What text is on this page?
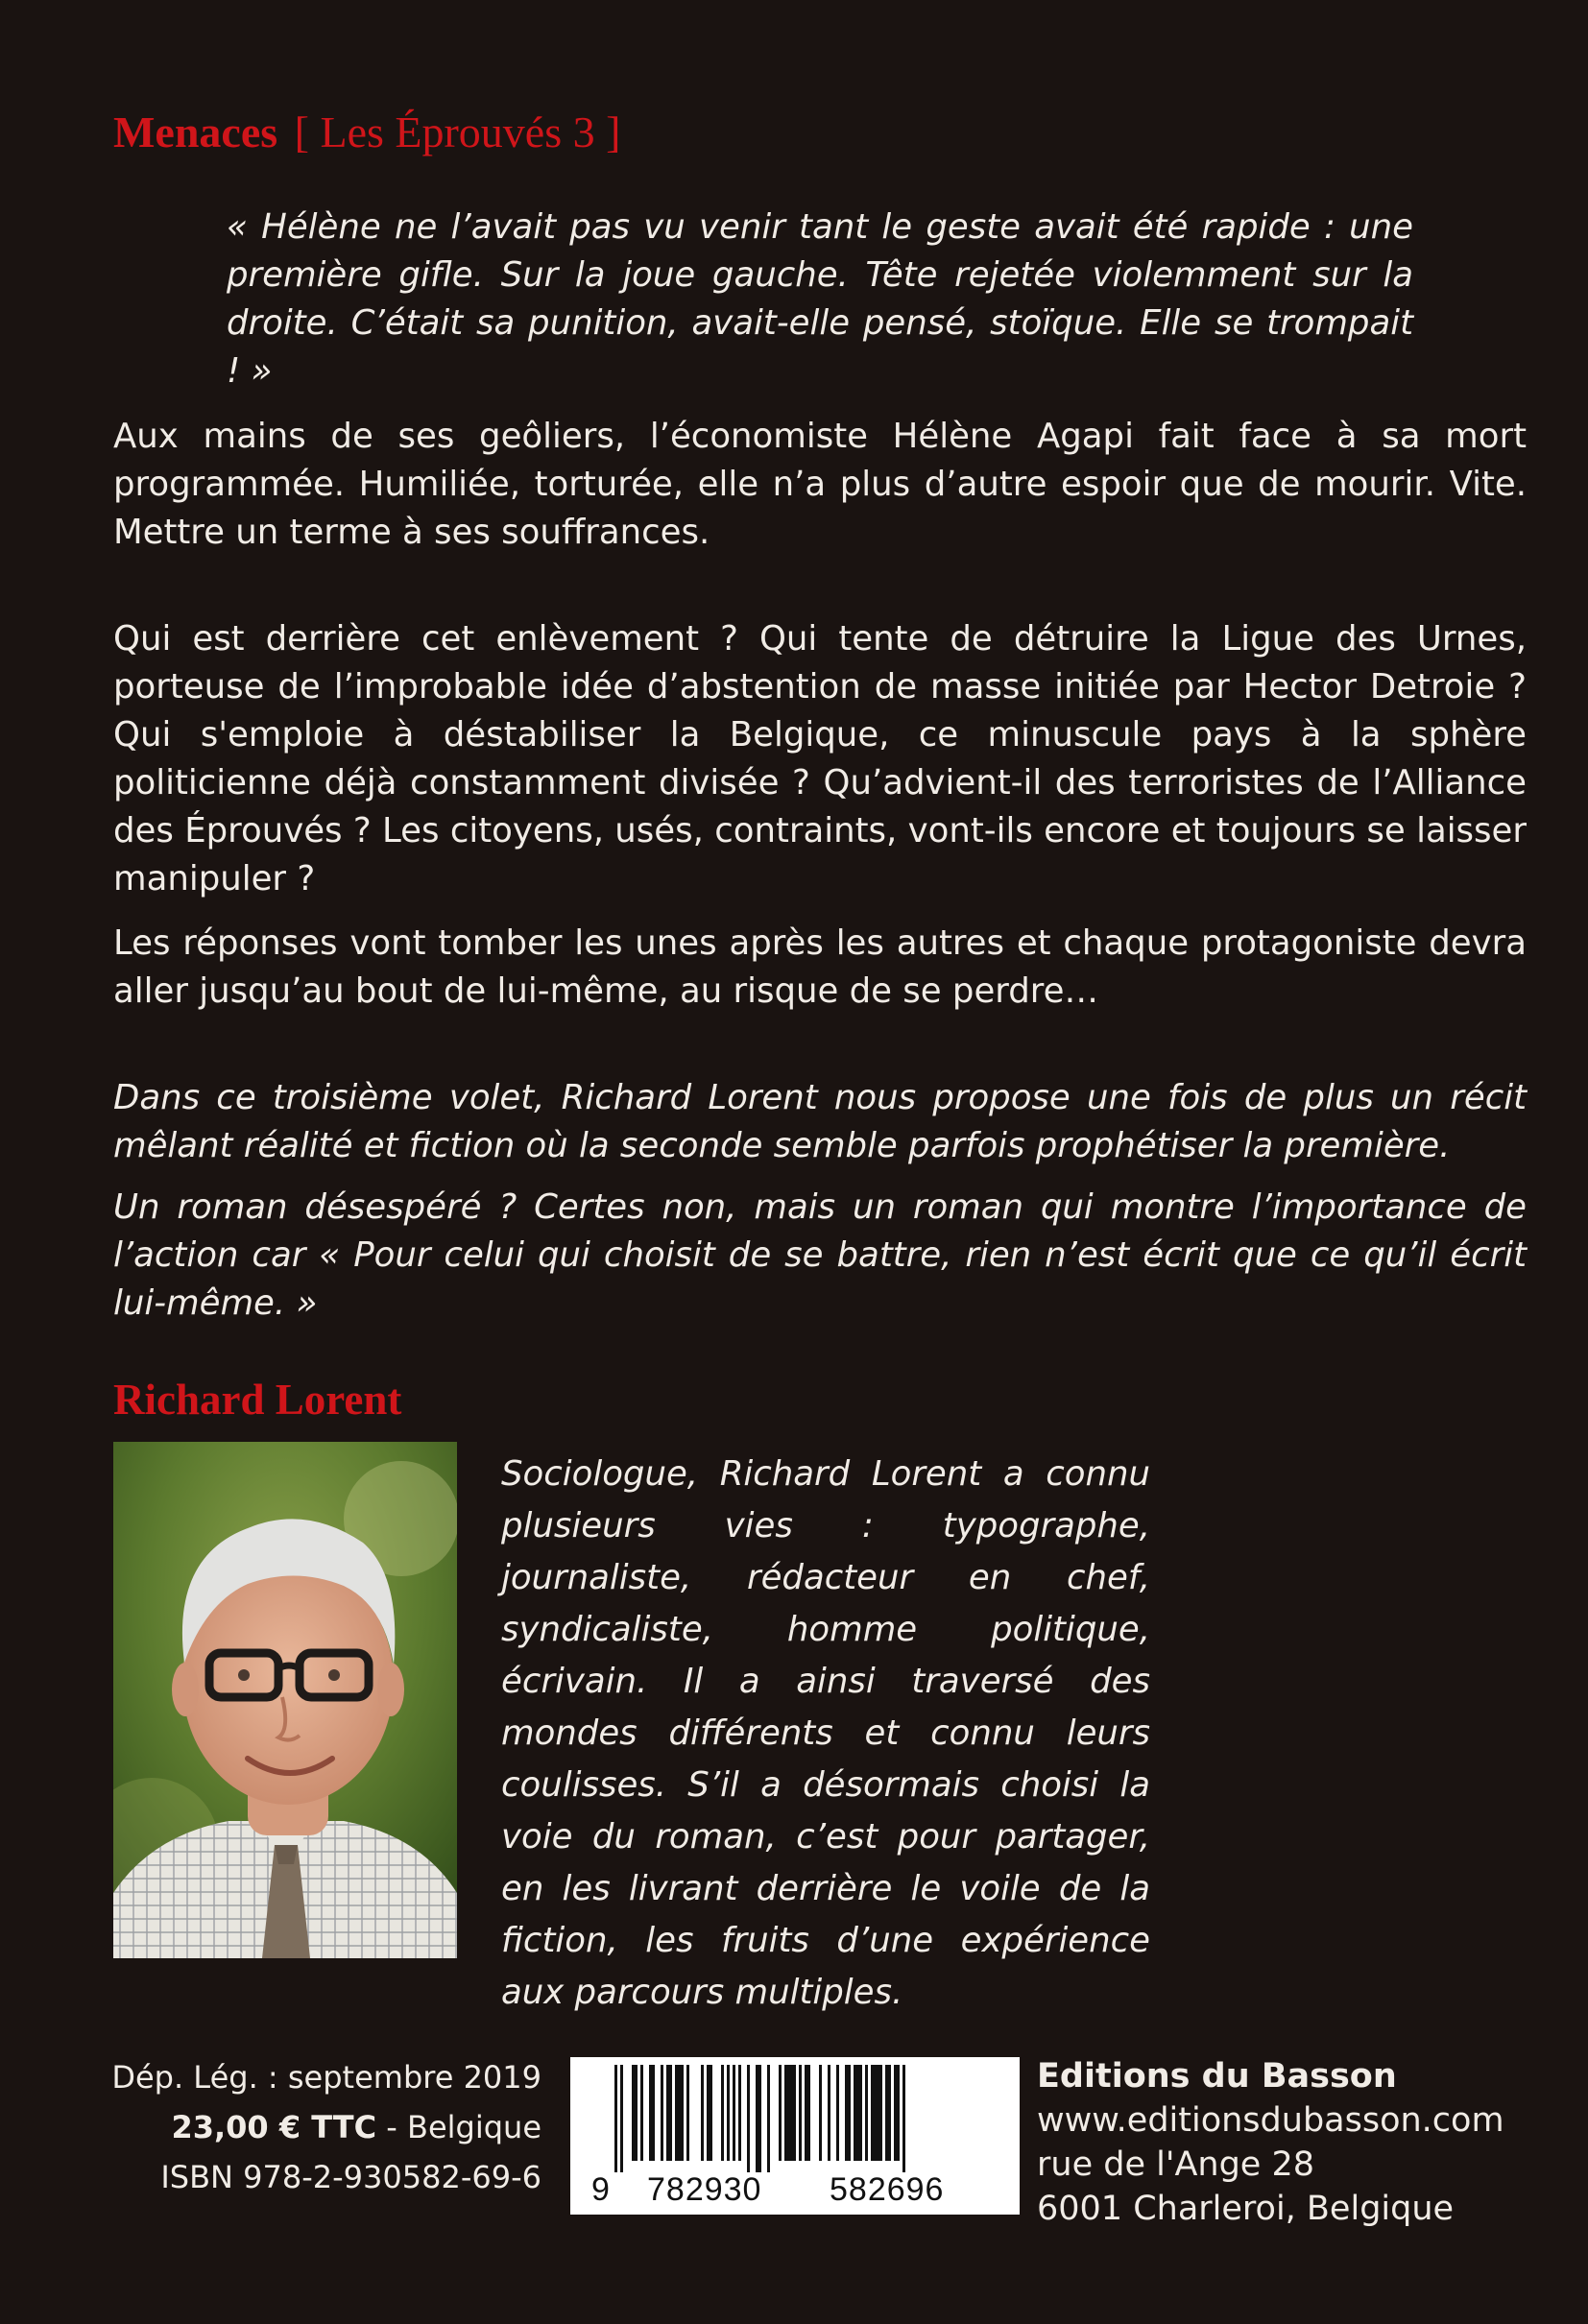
Menaces [ Les Éprouvés 3 ]

« Hélène ne l’avait pas vu venir tant le geste avait été rapide : une première gifle. Sur la joue gauche. Tête rejetée violemment sur la droite. C’était sa punition, avait-elle pensé, stoïque. Elle se trompait ! »

Aux mains de ses geôliers, l’économiste Hélène Agapi fait face à sa mort programmée. Humiliée, torturée, elle n’a plus d’autre espoir que de mourir. Vite. Mettre un terme à ses souffrances.

Qui est derrière cet enlèvement ? Qui tente de détruire la Ligue des Urnes, porteuse de l’improbable idée d’abstention de masse initiée par Hector Detroie ? Qui s'emploie à déstabiliser la Belgique, ce minuscule pays à la sphère politicienne déjà constamment divisée ? Qu’advient-il des terroristes de l’Alliance des Éprouvés ? Les citoyens, usés, contraints, vont-ils encore et toujours se laisser manipuler ?

Les réponses vont tomber les unes après les autres et chaque protagoniste devra aller jusqu’au bout de lui-même, au risque de se perdre…

Dans ce troisième volet, Richard Lorent nous propose une fois de plus un récit mêlant réalité et fiction où la seconde semble parfois prophétiser la première.

Un roman désespéré ? Certes non, mais un roman qui montre l’importance de l’action car « Pour celui qui choisit de se battre, rien n’est écrit que ce qu’il écrit lui-même. »

Richard Lorent

Sociologue, Richard Lorent a connu plusieurs vies : typographe, journaliste, rédacteur en chef, syndicaliste, homme politique, écrivain. Il a ainsi traversé des mondes différents et connu leurs coulisses. S’il a désormais choisi la voie du roman, c’est pour partager, en les livrant derrière le voile de la fiction, les fruits d’une expérience aux parcours multiples.

Dép. Lég. : septembre 2019
23,00 € TTC - Belgique
ISBN 978-2-930582-69-6 9 782930 582696
Editions du Basson
www.editionsdubasson.com
rue de l'Ange 28
6001 Charleroi, Belgique
